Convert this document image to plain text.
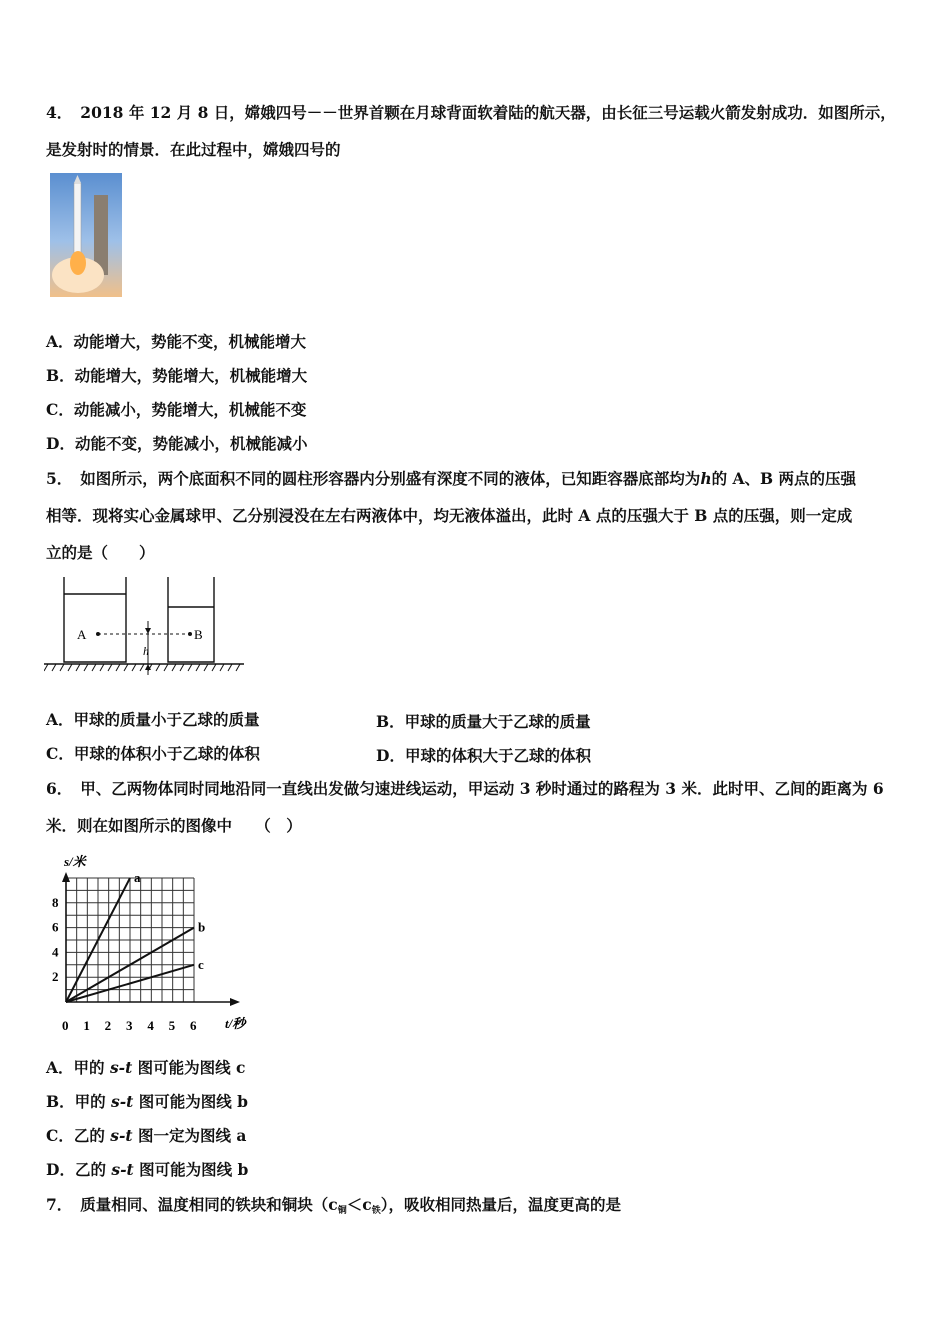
4． 2018 年 12 月 8 日，嫦娥四号－－世界首颗在月球背面软着陆的航天器，由长征三号运载火箭发射成功．如图所示，
是发射时的情景．在此过程中，嫦娥四号的
A．动能增大，势能不变，机械能增大
B．动能增大，势能增大，机械能增大
C．动能减小，势能增大，机械能不变
D．动能不变，势能减小，机械能减小
5． 如图所示，两个底面积不同的圆柱形容器内分别盛有深度不同的液体，已知距容器底部均为h的 A、B 两点的压强
相等．现将实心金属球甲、乙分别浸没在左右两液体中，均无液体溢出，此时 A 点的压强大于 B 点的压强，则一定成
立的是（　　）
A	B
h
A．甲球的质量小于乙球的质量	B．甲球的质量大于乙球的质量
C．甲球的体积小于乙球的体积	D．甲球的体积大于乙球的体积
6． 甲、乙两物体同时同地沿同一直线出发做匀速进线运动，甲运动 3 秒时通过的路程为 3 米．此时甲、乙间的距离为 6
米．则在如图所示的图像中　　（　）
a
b
c
0 1 2 3 4 5 6
2
4
6
8
s/米
t/秒
A．甲的 s-t 图可能为图线 c
B．甲的 s-t 图可能为图线 b
C．乙的 s-t 图一定为图线 a
D．乙的 s-t 图可能为图线 b
7． 质量相同、温度相同的铁块和铜块$(c_铜<c_铁)$，吸收相同热量后，温度更高的是
